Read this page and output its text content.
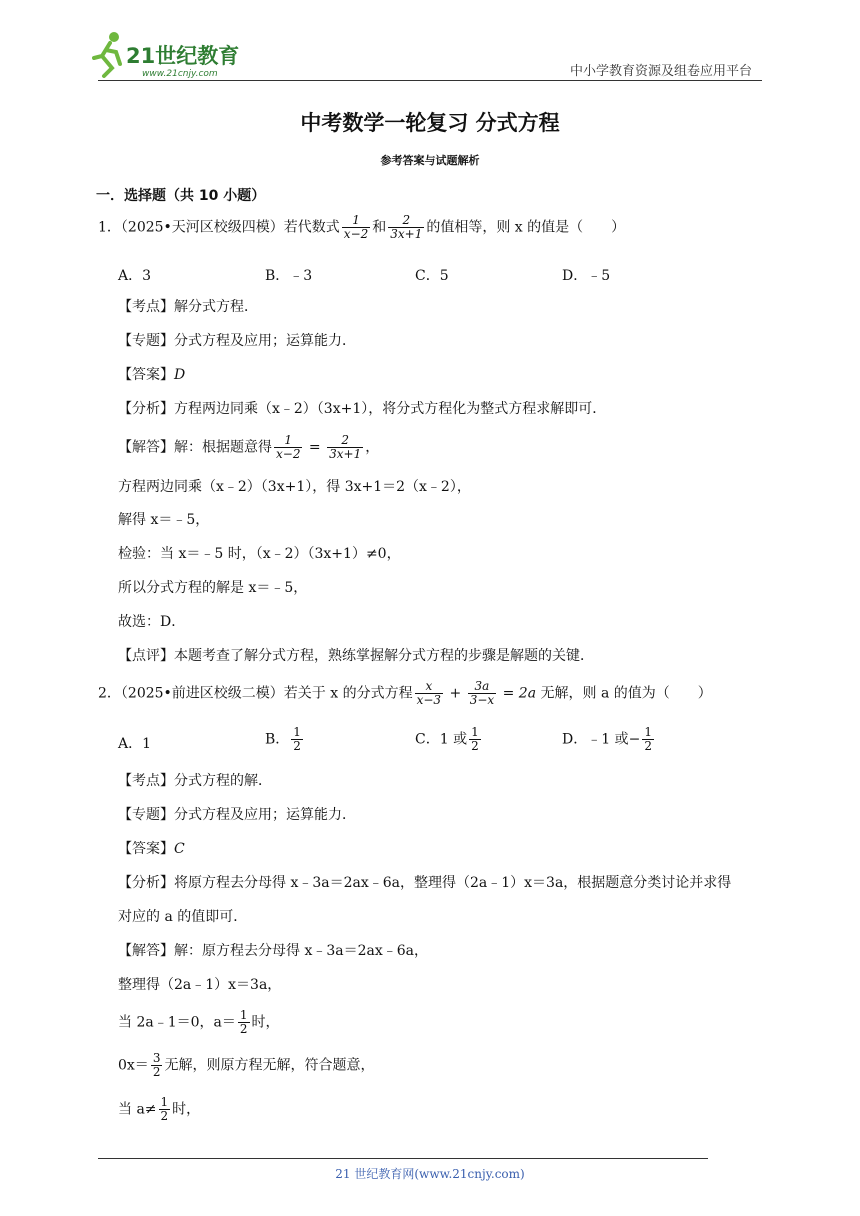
21世纪教育
www.21cnjy.com	中小学教育资源及组卷应用平台
中考数学一轮复习 分式方程
参考答案与试题解析
一．选择题（共 10 小题）
1．（2025•天河区校级四模）若代数式 $\frac{1}{x-2}$ 和 $\frac{2}{3x+1}$ 的值相等，则 x 的值是（　　）
A．3	B．﹣3	C．5	D．﹣5
【考点】解分式方程．
【专题】分式方程及应用；运算能力．
【答案】D
【分析】方程两边同乘（x﹣2）（3x+1），将分式方程化为整式方程求解即可．
【解答】解：根据题意得 $\frac{1}{x-2} = \frac{2}{3x+1}$ ，
方程两边同乘（x﹣2）（3x+1），得 3x+1＝2（x﹣2），
解得 x＝﹣5，
检验：当 x＝﹣5 时，（x﹣2）（3x+1）≠0，
所以分式方程的解是 x＝﹣5，
故选：D．
【点评】本题考查了解分式方程，熟练掌握解分式方程的步骤是解题的关键．
2．（2025•前进区校级二模）若关于 x 的分式方程 $\frac{x}{x-3} + \frac{3a}{3-x} = 2a$ 无解，则 a 的值为（　　）
A．1	B． $\frac{1}{2}$	C．1 或 $\frac{1}{2}$	D．﹣1 或− $\frac{1}{2}$
【考点】分式方程的解．
【专题】分式方程及应用；运算能力．
【答案】C
【分析】将原方程去分母得 x﹣3a＝2ax﹣6a，整理得（2a﹣1）x＝3a，根据题意分类讨论并求得
对应的 a 的值即可．
【解答】解：原方程去分母得 x﹣3a＝2ax﹣6a，
整理得（2a﹣1）x＝3a，
当 2a﹣1＝0，$a= \frac{1}{2}$ 时，
$0x= \frac{3}{2}$ 无解，则原方程无解，符合题意，
当 $a\ne \frac{1}{2}$ 时，
21 世纪教育网(www.21cnjy.com)
